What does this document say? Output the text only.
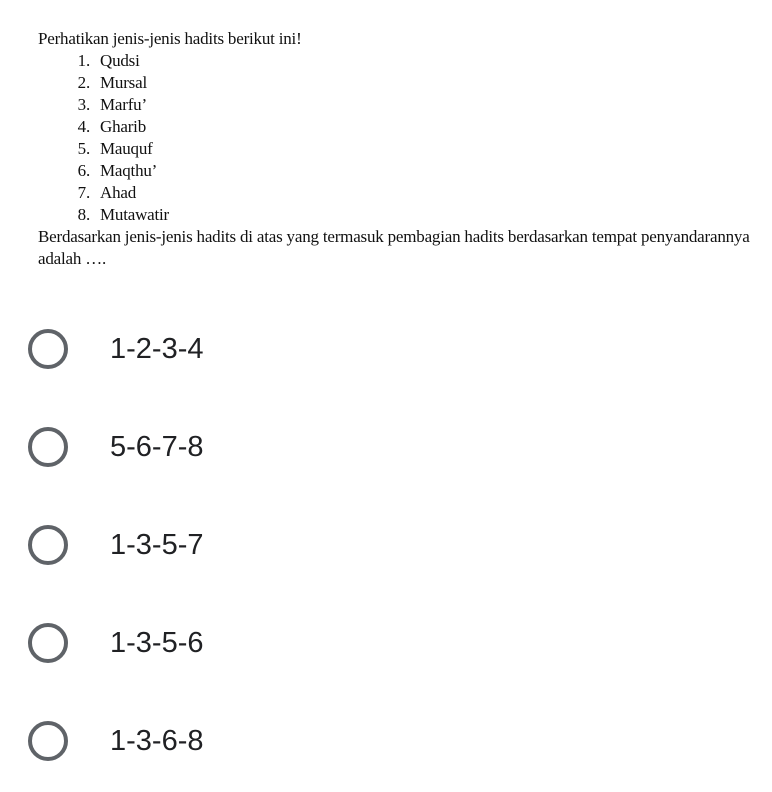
Perhatikan jenis-jenis hadits berikut ini!

1. Qudsi
2. Mursal
3. Marfu’
4. Gharib
5. Mauquf
6. Maqthu’
7. Ahad
8. Mutawatir

Berdasarkan jenis-jenis hadits di atas yang termasuk pembagian hadits berdasarkan tempat penyandarannya adalah ….

1-2-3-4
5-6-7-8
1-3-5-7
1-3-5-6
1-3-6-8
